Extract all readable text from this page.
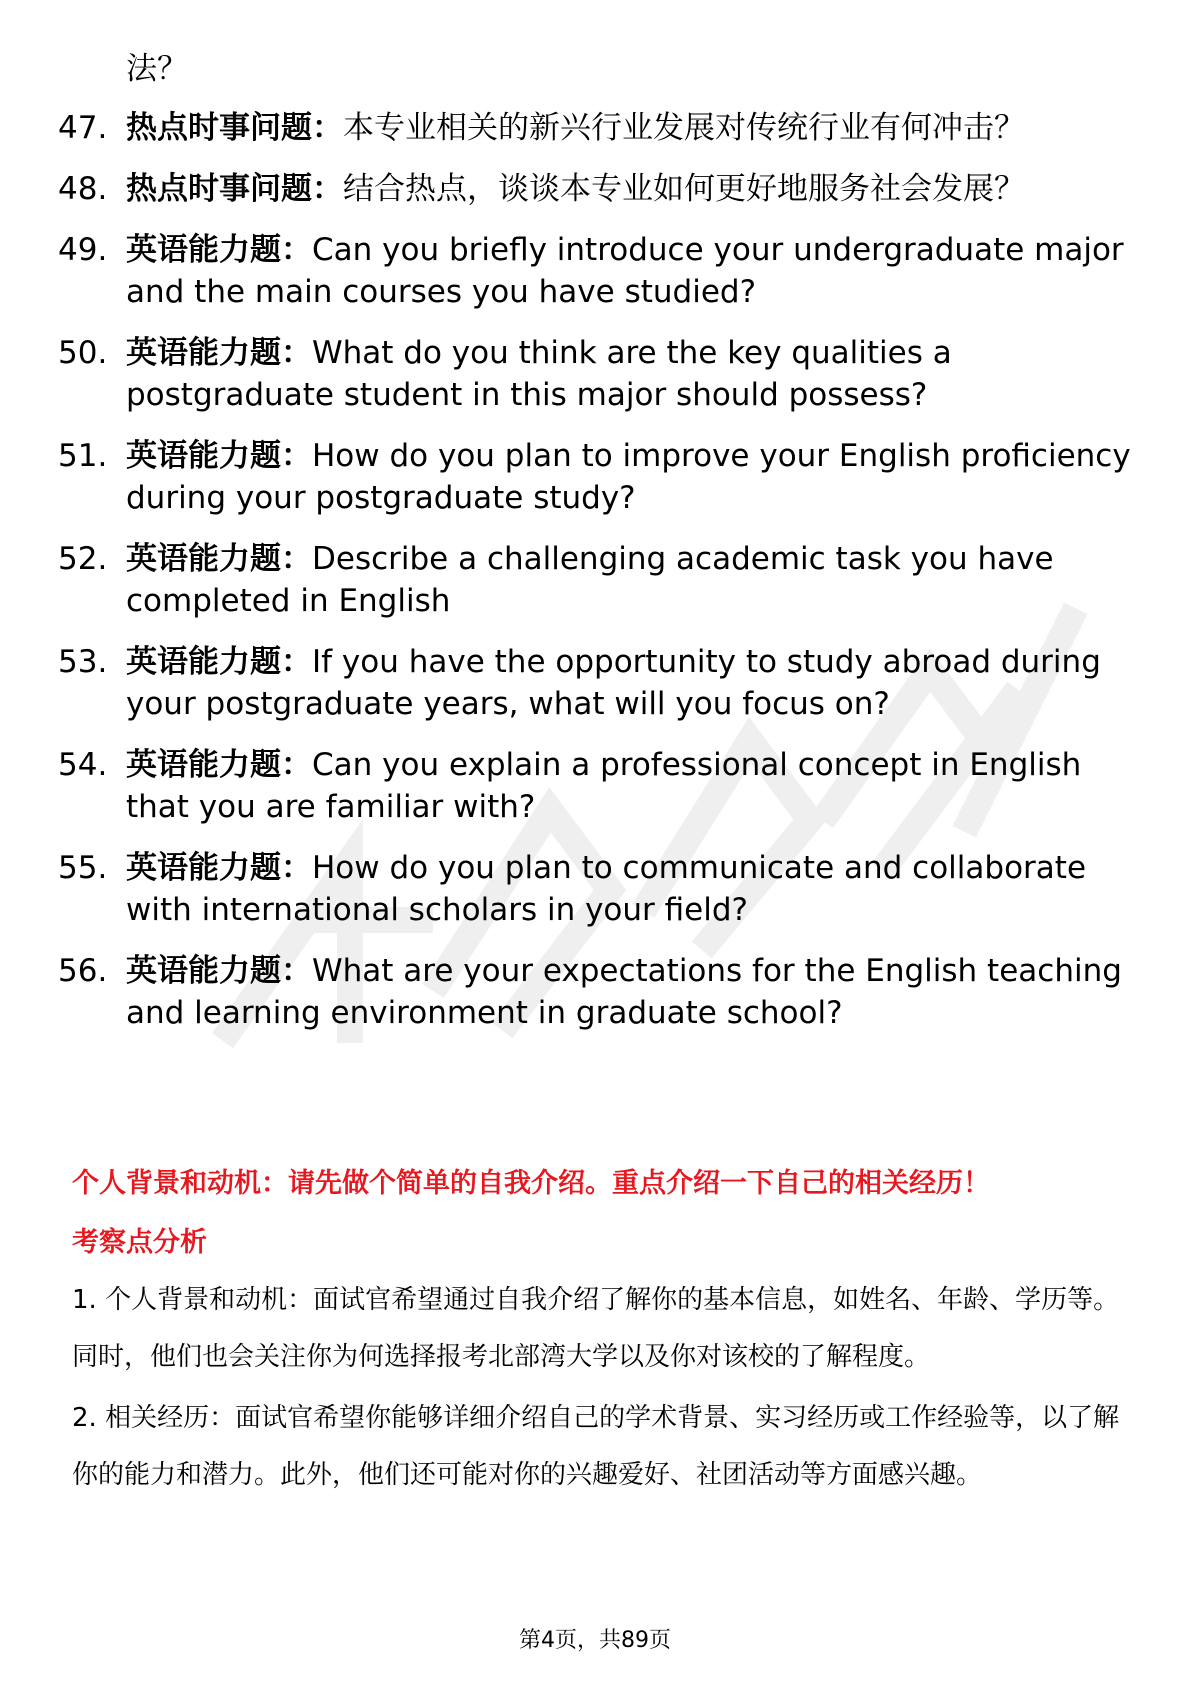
法？
47. 热点时事问题：本专业相关的新兴行业发展对传统行业有何冲击？
48. 热点时事问题：结合热点，谈谈本专业如何更好地服务社会发展？
49. 英语能力题：Can you briefly introduce your undergraduate major and the main courses you have studied?
50. 英语能力题：What do you think are the key qualities a postgraduate student in this major should possess?
51. 英语能力题：How do you plan to improve your English proficiency during your postgraduate study?
52. 英语能力题：Describe a challenging academic task you have completed in English
53. 英语能力题：If you have the opportunity to study abroad during your postgraduate years, what will you focus on?
54. 英语能力题：Can you explain a professional concept in English that you are familiar with?
55. 英语能力题：How do you plan to communicate and collaborate with international scholars in your field?
56. 英语能力题：What are your expectations for the English teaching and learning environment in graduate school?
个人背景和动机：请先做个简单的自我介绍。重点介绍一下自己的相关经历！
考察点分析

1. 个人背景和动机：面试官希望通过自我介绍了解你的基本信息，如姓名、年龄、学历等。同时，他们也会关注你为何选择报考北部湾大学以及你对该校的了解程度。

2. 相关经历：面试官希望你能够详细介绍自己的学术背景、实习经历或工作经验等，以了解你的能力和潜力。此外，他们还可能对你的兴趣爱好、社团活动等方面感兴趣。

第4页，共89页
